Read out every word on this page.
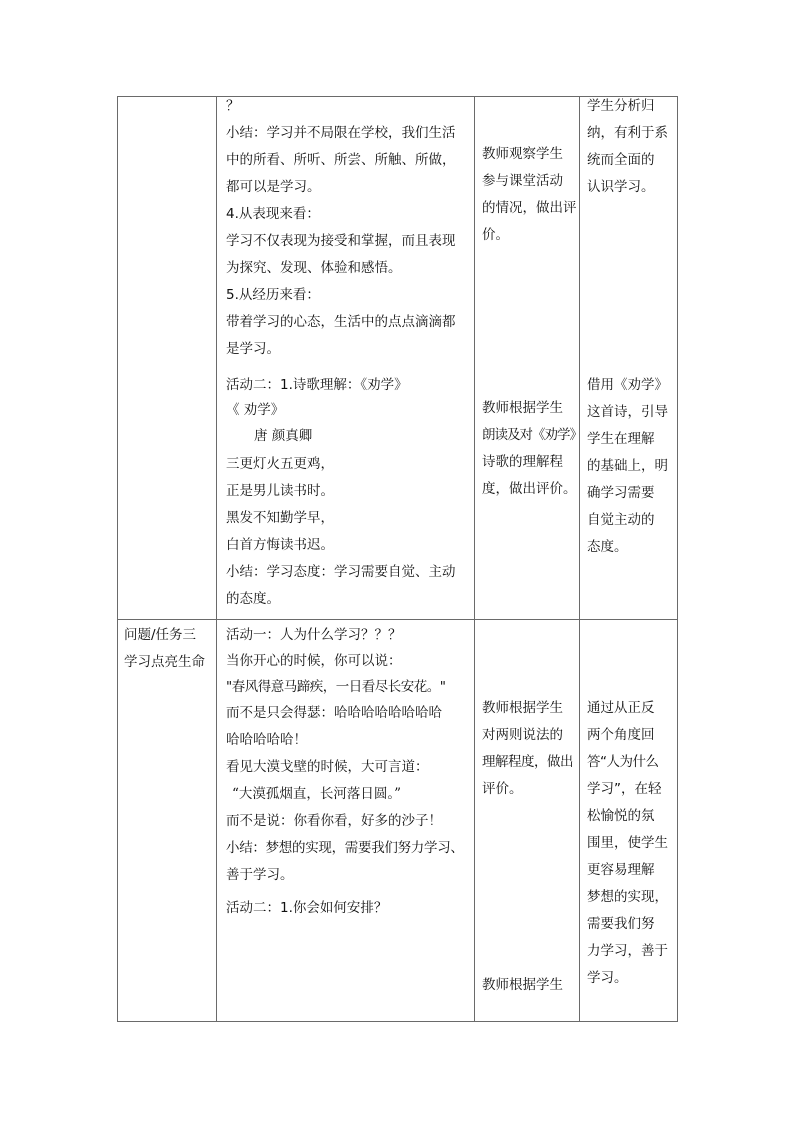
？
小结：学习并不局限在学校，我们生活
中的所看、所听、所尝、所触、所做，
都可以是学习。
4.从表现来看：
学习不仅表现为接受和掌握，而且表现
为探究、发现、体验和感悟。
5.从经历来看：
带着学习的心态，生活中的点点滴滴都
是学习。
教师观察学生
参与课堂活动
的情况，做出评
价。
学生分析归
纳，有利于系
统而全面的
认识学习。
活动二：1.诗歌理解：《劝学》
《 劝学》
唐 颜真卿
三更灯火五更鸡，
正是男儿读书时。
黑发不知勤学早，
白首方悔读书迟。
小结：学习态度：学习需要自觉、主动
的态度。
教师根据学生
朗读及对《劝学》
诗歌的理解程
度，做出评价。
借用《劝学》
这首诗，引导
学生在理解
的基础上，明
确学习需要
自觉主动的
态度。
问题/任务三
学习点亮生命
活动一：人为什么学习？？？
当你开心的时候，你可以说：
"春风得意马蹄疾，一日看尽长安花。"
而不是只会得瑟：哈哈哈哈哈哈哈哈
哈哈哈哈哈！
看见大漠戈壁的时候，大可言道：
“大漠孤烟直，长河落日圆。”
而不是说：你看你看，好多的沙子！
小结：梦想的实现，需要我们努力学习、
善于学习。
活动二：1.你会如何安排？
教师根据学生
对两则说法的
理解程度，做出
评价。
教师根据学生
通过从正反
两个角度回
答“人为什么
学习”，在轻
松愉悦的氛
围里，使学生
更容易理解
梦想的实现，
需要我们努
力学习，善于
学习。
